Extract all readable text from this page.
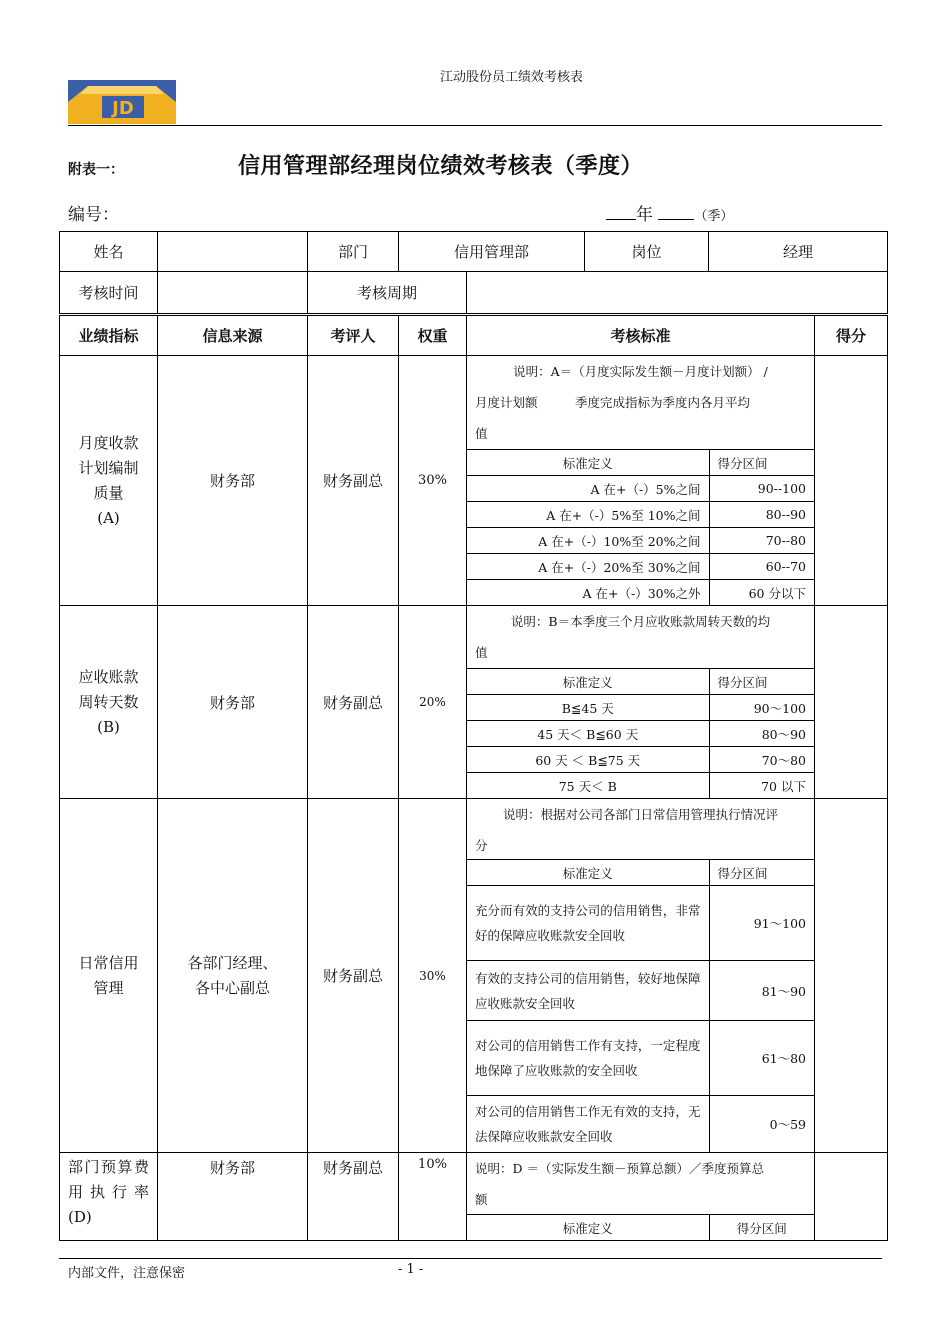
江动股份员工绩效考核表
JD
附表一：	信用管理部经理岗位绩效考核表（季度）
编号：	年	（季）
姓名		部门	信用管理部	岗位	经理
考核时间		考核周期	
业绩指标	信息来源	考评人	权重	考核标准	得分

月度收款
计划编制
质量
(A)
	财务部	财务副总	30%	
说明：A＝（月度实际发生额－月度计划额） /
月度计划额　　　季度完成指标为季度内各月平均
值
标准定义	得分区间
A 在+（-）5%之间	90--100
A 在+（-）5%至 10%之间	80--90
A 在+（-）10%至 20%之间	70--80
A 在+（-）20%至 30%之间	60--70
A 在+（-）30%之外	60 分以下

应收账款
周转天数
(B)
	财务部	财务副总	20%	
说明：B＝本季度三个月应收账款周转天数的均
值
标准定义	得分区间
B≦45 天	90～100
45 天＜ B≦60 天	80～90
60 天 ＜ B≦75 天	70～80
75 天＜ B	70 以下

日常信用
管理

各部门经理、
各中心副总
	财务副总	30%	
说明：根据对公司各部门日常信用管理执行情况评
分
标准定义	得分区间
充分而有效的支持公司的信用销售，非常好的保障应收账款安全回收	91～100
有效的支持公司的信用销售，较好地保障应收账款安全回收	81～90
对公司的信用销售工作有支持，一定程度地保障了应收账款的安全回收	61～80
对公司的信用销售工作无有效的支持，无法保障应收账款安全回收	0～59

部门预算费用执行率(D)
	财务部	财务副总	10%	说明：D ＝（实际发生额－预算总额）／季度预算总
额
标准定义	得分区间

内部文件，注意保密	- 1 -
